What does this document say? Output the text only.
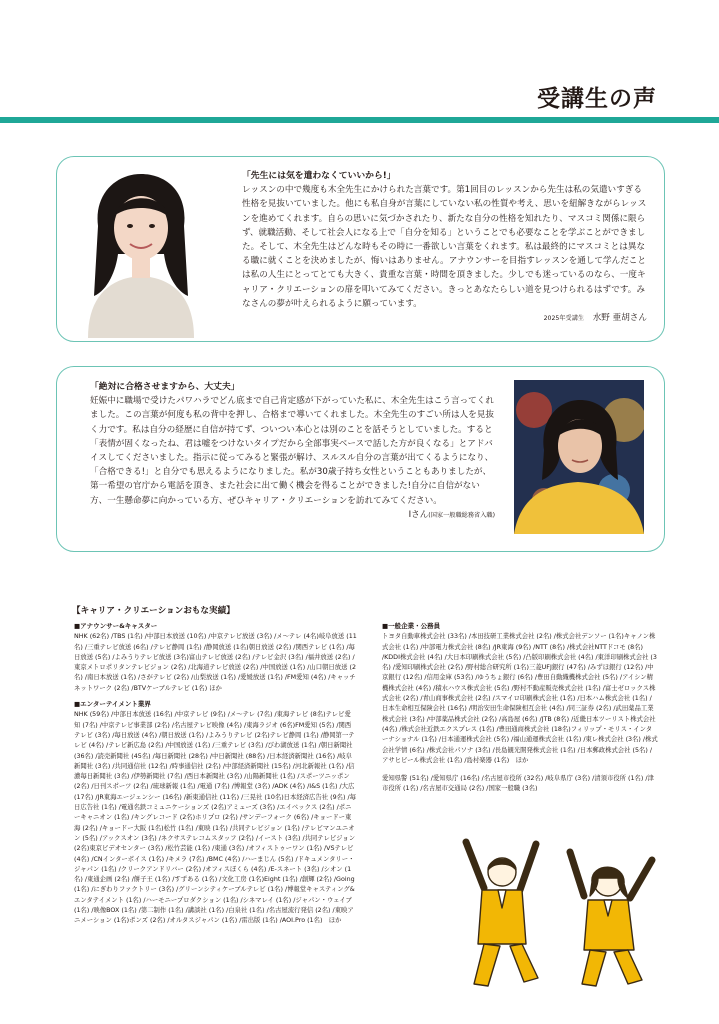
受講生の声
「先生には気を遣わなくていいから!」
レッスンの中で幾度も木全先生にかけられた言葉です。第1回目のレッスンから先生は私の気遣いすぎる性格を見抜いていました。他にも私自身が言葉にしていない私の性質や考え、思いを紐解きながらレッスンを進めてくれます。自らの思いに気づかされたり、新たな自分の性格を知れたり、マスコミ関係に限らず、就職活動、そして社会人になる上で「自分を知る」ということでも必要なことを学ぶことができました。そして、木全先生はどんな時もその時に一番欲しい言葉をくれます。私は最終的にマスコミとは異なる職に就くことを決めましたが、悔いはありません。アナウンサーを目指すレッスンを通して学んだことは私の人生にとってとても大きく、貴重な言葉・時間を頂きました。少しでも迷っているのなら、一度キャリア・クリエーションの扉を叩いてみてください。きっとあなたらしい道を見つけられるはずです。みなさんの夢が叶えられるように願っています。
2025年受講生　 水野 亜胡さん
「絶対に合格させますから、大丈夫」
妊娠中に職場で受けたパワハラでどん底まで自己肯定感が下がっていた私に、木全先生はこう言ってくれました。この言葉が何度も私の背中を押し、合格まで導いてくれました。木全先生のすごい所は人を見抜く力です。私は自分の経歴に自信が持てず、ついつい本心とは別のことを話そうとしていました。すると「表情が固くなったね、君は嘘をつけないタイプだから全部事実ベースで話した方が良くなる」とアドバイスしてくださいました。指示に従ってみると緊張が解け、スルスル自分の言葉が出てくるようになり、「合格できる!」と自分でも思えるようになりました。私が30歳子持ち女性ということもありましたが、第一希望の官庁から電話を頂き、また社会に出て働く機会を得ることができました!自分に自信がない方、一生懸命夢に向かっている方、ぜひキャリア・クリエーションを訪れてみてください。
Iさん(国家一般職総務省入職)
【キャリア・クリエーションおもな実績】
■アナウンサー&キャスター
NHK (62名) /TBS (1名) /中部日本放送 (10名) /中京テレビ放送 (3名) /メ～テレ (4名)岐阜放送 (11名) /三重テレビ放送 (6名) /テレビ静岡 (1名) /静岡放送 (1名)朝日放送 (2名) /関西テレビ (1名) /毎日放送 (5名) /よみうりテレビ放送 (3名)富山テレビ放送 (2名) /テレビ金沢 (3名) /福井放送 (2名) /東京メトロポリタンテレビジョン (2名) /北海道テレビ放送 (2名) /中国放送 (1名) /山口朝日放送 (2名) /南日本放送 (1名) /さがテレビ (2名) /山梨放送 (1名) /愛媛放送 (1名) /FM愛知 (4名) /キャッチネットワーク (2名) /BTVケーブルテレビ (1名) ほか
■エンターテイメント業界
NHK (59名) /中部日本放送 (16名) /中京テレビ (9名) /メ～テレ (7名) /東海テレビ (8名)テレビ愛知 (7名) /中京テレビ事業部 (2名) /名古屋テレビ映像 (4名) /東海ラジオ (6名)FM愛知 (5名) /関西テレビ (3名) /毎日放送 (4名) /朝日放送 (1名) /よみうりテレビ (2名)テレビ静岡 (1名) /静岡第一テレビ (4名) /テレビ新広島 (2名) /中国放送 (1名) /三重テレビ (3名) /びわ湖放送 (1名) /朝日新聞社 (36名) /読売新聞社 (45名) /毎日新聞社 (28名) /中日新聞社 (88名) /日本経済新聞社 (16名) /岐阜新聞社 (3名) /共同通信社 (12名) /時事通信社 (2名) /中部経済新聞社 (15名) /河北新報社 (1名) /信濃毎日新聞社 (3名) /伊勢新聞社 (7名) /西日本新聞社 (3名) /山陽新聞社 (1名) /スポーツニッポン (2名) /日刊スポーツ (2名) /琉球新報 (1名) /電通 (7名) /博報堂 (3名) /ADK (4名) /I&S (1名) /大広 (17名) /JR東海エージェンシー (16名) /新東通信社 (11名) /三晃社 (10名)日本経済広告社 (9名) /毎日広告社 (1名) /電通名鉄コミュニケーションズ (2名)アミューズ (3名) /エイベックス (2名) /ポニーキャニオン (1名) /キングレコード (2名)ホリプロ (2名) /サンデーフォーク (6名) /キョードー東海 (2名) /キョードー大阪 (1名)松竹 (1名) /東映 (1名) /共同テレビジョン (1名) /テレビマンユニオン (5名) /アックスオン (3名) /ネクサステレコムスタッフ (2名) /イースト (3名) /共同テレビジョン (2名)東京ビデオセンター (3名) /松竹芸能 (1名) /東通 (3名) /オフィストゥーワン (1名) /VSテレビ (4名) /CNインターボイス (1名) /キメラ (7名) /BMC (4名) /ハーまじん (5名) /ドキュメンタリー・ジャパン (1名) /クリークアンドリバー (2名) /オフィスぼくら (4名) /E-スネート (3名) /シオン (1名) /東通企画 (2名) /餅子王 (1名) /すずある (1名) /文化工房 (1名)Eight (1名) /創輝 (2名) /Going (1名) /にぎわりファクトリー (3名) /グリーンシティケーブルテレビ (1名) /博報堂キャスティング&エンタテイメント (1名) /ハーモニープロダクション (1名) /シネマレイ (1名) /ジャパン・ウェイブ (1名) /映像BOX (1名) /第二制作 (1名) /講談社 (1名) /白泉社 (1名) /名古屋流行発信 (2名) /東映アニメーション (1名)ポンズ (2名) /オルタスジャパン (1名) /雷出版 (1名) /AOI.Pro (1名)　ほか
■一般企業・公務員
トヨタ自動車株式会社 (33名) /本田技研工業株式会社 (2名) /株式会社デンソー (1名)キャノン株式会社 (1名) /中部電力株式会社 (8名) /JR東海 (9名) /NTT (8名) /株式会社NTTドコモ (8名) /KDDI株式会社 (4名) /大日本印刷株式会社 (5名) /凸版印刷株式会社 (4名) /東洋印刷株式会社 (3名) /愛知印刷株式会社 (2名) /野村総合研究所 (1名)三菱UFJ銀行 (47名) /みずほ銀行 (12名) /中京銀行 (12名) /信用金庫 (53名) /ゆうちょ銀行 (6名) /豊田自動織機株式会社 (5名) /アイシン精機株式会社 (4名) /積水ハウス株式会社 (5名) /野村不動産販売株式会社 (1名) /富士ゼロックス株式会社 (2名) /青山商事株式会社 (2名) /スマイロ印刷株式会社 (1名) /日本ハム株式会社 (1名) /日本生命相互保険会社 (16名) /明治安田生命保険相互会社 (4名) /同三証券 (2名) /武田薬品工業株式会社 (3名) /中部薬品株式会社 (2名) /高島屋 (6名) /JTB (8名) /近畿日本ツーリスト株式会社 (4名) /株式会社近鉄エクスプレス (1名) /豊田通商株式会社 (18名)フィリップ・モリス・インターナショナル (1名) /日本通運株式会社 (5名) /福山通運株式会社 (1名) /東レ株式会社 (3名) /株式会社学情 (6名) /株式会社パソナ (3名) /長島観光開発株式会社 (1名) /日本郵政株式会社 (5名) /アサヒビール株式会社 (1名) /島村楽器 (1名)　ほか
愛知県警 (51名) /愛知県庁 (16名) /名古屋市役所 (32名) /岐阜県庁 (3名) /清須市役所 (1名) /津市役所 (1名) /名古屋市交通局 (2名) /国家一般職 (3名)
